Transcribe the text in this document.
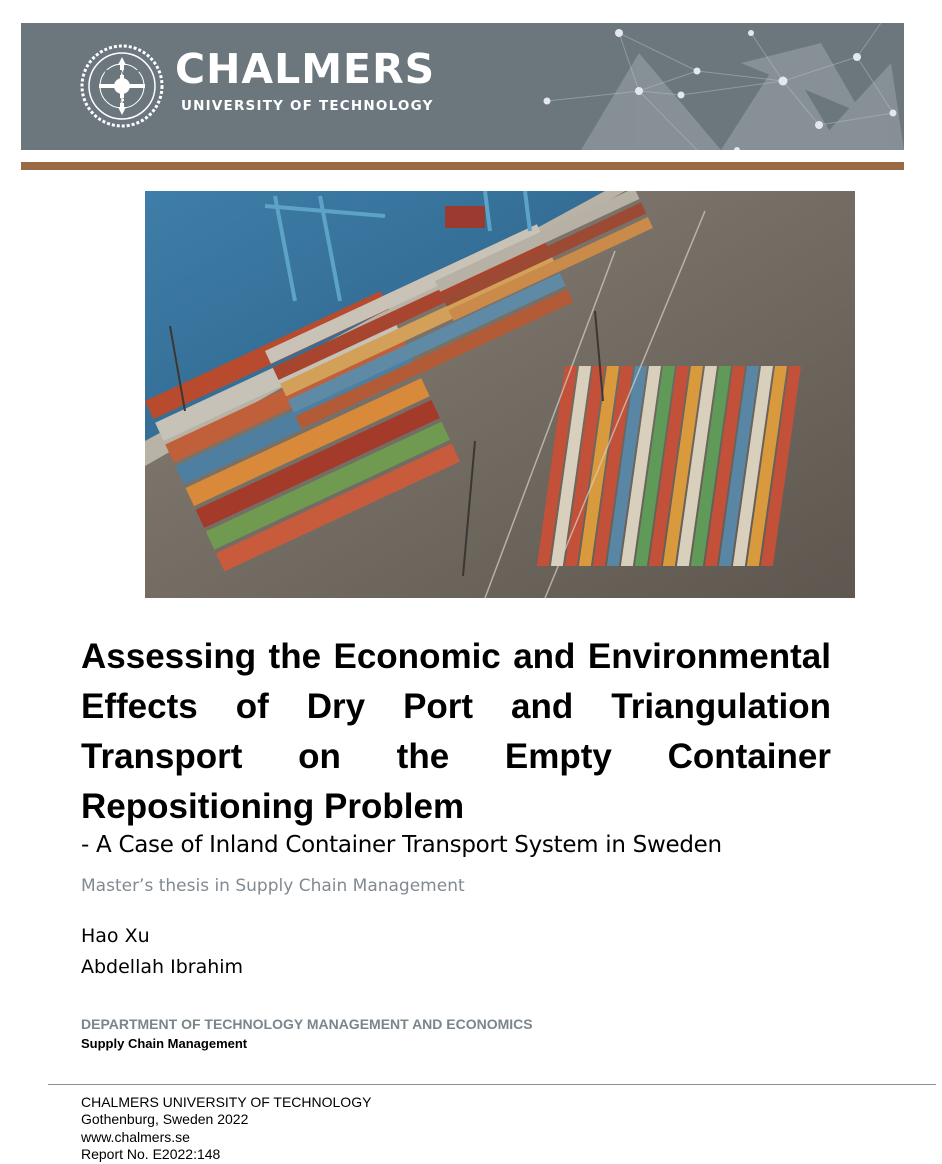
AVANCEZ
1829
CHALMERS
UNIVERSITY OF TECHNOLOGY
Assessing the Economic and Environmental Effects of Dry Port and Triangulation Transport on the Empty Container Repositioning Problem
- A Case of Inland Container Transport System in Sweden
Master’s thesis in Supply Chain Management
Hao Xu
Abdellah Ibrahim
DEPARTMENT OF TECHNOLOGY MANAGEMENT AND ECONOMICS
Supply Chain Management
CHALMERS UNIVERSITY OF TECHNOLOGY
Gothenburg, Sweden 2022
www.chalmers.se
Report No. E2022:148
